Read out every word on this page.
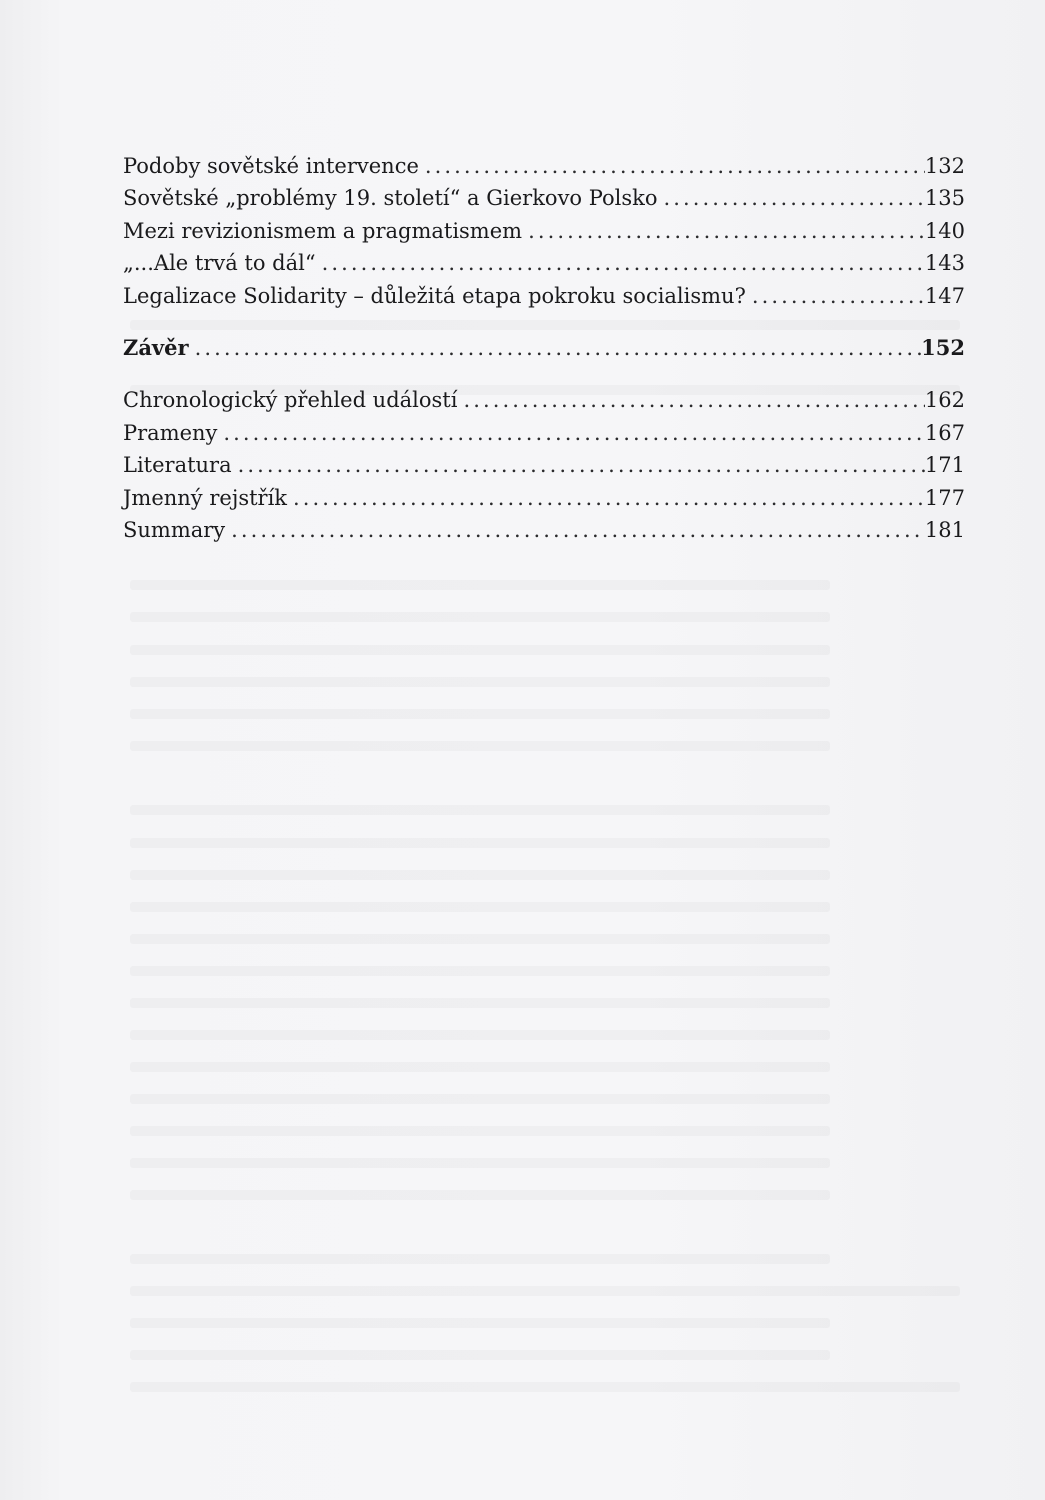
Podoby sovětské intervence . . .	132
Sovětské „problémy 19. století“ a Gierkovo Polsko . . .	135
Mezi revizionismem a pragmatismem . . .	140
„...Ale trvá to dál“ . . .	143
Legalizace Solidarity – důležitá etapa pokroku socialismu? . . .	147
Závěr . . .	152
Chronologický přehled událostí . . .	162
Prameny . . .	167
Literatura . . .	171
Jmenný rejstřík . . .	177
Summary . . .	181
